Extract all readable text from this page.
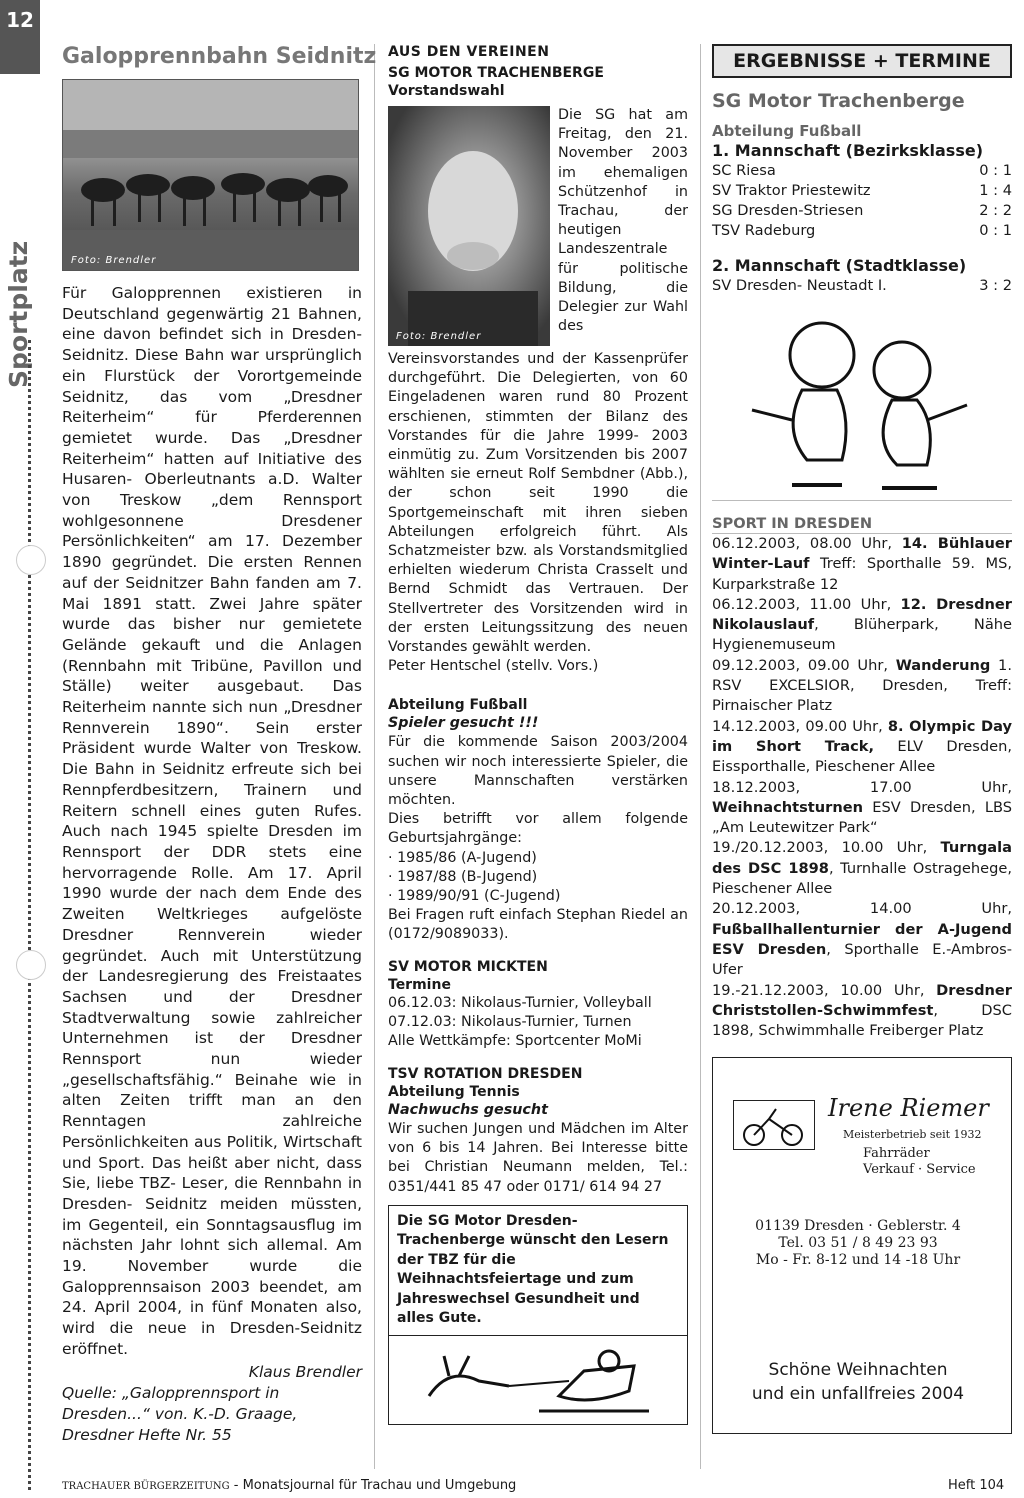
12
Sportplatz
Galopprennbahn Seidnitz
Foto: Brendler
Für Galopprennen existieren in Deutschland gegenwärtig 21 Bahnen, eine davon befindet sich in Dresden- Seidnitz. Diese Bahn war ursprünglich ein Flurstück der Vorortgemeinde Seidnitz, das vom „Dresdner Reiterheim“ für Pferderennen gemietet wurde. Das „Dresdner Reiterheim“ hatten auf Initiative des Husaren- Oberleutnants a.D. Walter von Treskow „dem Rennsport wohlgesonnene Dresdener Persönlichkeiten“ am 17. Dezember 1890 gegründet. Die ersten Rennen auf der Seidnitzer Bahn fanden am 7. Mai 1891 statt. Zwei Jahre später wurde das bisher nur gemietete Gelände gekauft und die Anlagen (Rennbahn mit Tribüne, Pavillon und Ställe) weiter ausgebaut. Das Reiterheim nannte sich nun „Dresdner Rennverein 1890“. Sein erster Präsident wurde Walter von Treskow. Die Bahn in Seidnitz erfreute sich bei Rennpferdbesitzern, Trainern und Reitern schnell eines guten Rufes. Auch nach 1945 spielte Dresden im Rennsport der DDR stets eine hervorragende Rolle. Am 17. April 1990 wurde der nach dem Ende des Zweiten Weltkrieges aufgelöste Dresdner Rennverein wieder gegründet. Auch mit Unterstützung der Landesregierung des Freistaates Sachsen und der Dresdner Stadtverwaltung sowie zahlreicher Unternehmen ist der Dresdner Rennsport nun wieder „gesellschaftsfähig.“ Beinahe wie in alten Zeiten trifft man an den Renntagen zahlreiche Persönlichkeiten aus Politik, Wirtschaft und Sport. Das heißt aber nicht, dass Sie, liebe TBZ- Leser, die Rennbahn in Dresden- Seidnitz meiden müssten, im Gegenteil, ein Sonntagsausflug im nächsten Jahr lohnt sich allemal. Am 19. November wurde die Galopprennsaison 2003 beendet, am 24. April 2004, in fünf Monaten also, wird die neue in Dresden-Seidnitz eröffnet.
Klaus Brendler
Quelle: „Galopprennsport in Dresden...“ von. K.-D. Graage, Dresdner Hefte Nr. 55
AUS DEN VEREINEN
SG MOTOR TRACHENBERGE
Vorstandswahl
Foto: Brendler
Die SG hat am Freitag, den 21. November 2003 im ehemaligen Schützenhof in Trachau, der heutigen Landeszentrale für politische Bildung, die Delegier zur Wahl des Vereinsvorstandes und der Kassenprüfer durchgeführt. Die Delegierten, von 60 Eingeladenen waren rund 80 Prozent erschienen, stimmten der Bilanz des Vorstandes für die Jahre 1999- 2003 einmütig zu. Zum Vorsitzenden bis 2007 wählten sie erneut Rolf Sembdner (Abb.), der schon seit 1990 die Sportgemeinschaft mit ihren sieben Abteilungen erfolgreich führt. Als Schatzmeister bzw. als Vorstandsmitglied erhielten wiederum Christa Crasselt und Bernd Schmidt das Vertrauen. Der Stellvertreter des Vorsitzenden wird in der ersten Leitungssitzung des neuen Vorstandes gewählt werden.
Peter Hentschel (stellv. Vors.)
Abteilung Fußball
Spieler gesucht !!!
Für die kommende Saison 2003/2004 suchen wir noch interessierte Spieler, die unsere Mannschaften verstärken möchten.
Dies betrifft vor allem folgende Geburtsjahrgänge:
· 1985/86 (A-Jugend)
· 1987/88 (B-Jugend)
· 1989/90/91 (C-Jugend)
Bei Fragen ruft einfach Stephan Riedel an (0172/9089033).
SV MOTOR MICKTEN
Termine
06.12.03: Nikolaus-Turnier, Volleyball
07.12.03: Nikolaus-Turnier, Turnen
Alle Wettkämpfe: Sportcenter MoMi
TSV ROTATION DRESDEN
Abteilung Tennis
Nachwuchs gesucht
Wir suchen Jungen und Mädchen im Alter von 6 bis 14 Jahren. Bei Interesse bitte bei Christian Neumann melden, Tel.: 0351/441 85 47 oder 0171/ 614 94 27
Die SG Motor Dresden-Trachenberge wünscht den Lesern der TBZ für die Weihnachtsfeiertage und zum Jahreswechsel Gesundheit und alles Gute.
ERGEBNISSE + TERMINE
SG Motor Trachenberge
Abteilung Fußball
1. Mannschaft (Bezirksklasse)
SC Riesa	0 : 1
SV Traktor Priestewitz	1 : 4
SG Dresden-Striesen	2 : 2
TSV Radeburg	0 : 1
2. Mannschaft (Stadtklasse)
SV Dresden- Neustadt I.	3 : 2
SPORT IN DRESDEN
06.12.2003, 08.00 Uhr, 14. Bühlauer Winter-Lauf Treff: Sporthalle 59. MS, Kurparkstraße 12
06.12.2003, 11.00 Uhr, 12. Dresdner Nikolauslauf, Blüherpark, Nähe Hygienemuseum
09.12.2003, 09.00 Uhr, Wanderung 1. RSV EXCELSIOR, Dresden, Treff: Pirnaischer Platz
14.12.2003, 09.00 Uhr, 8. Olympic Day im Short Track, ELV Dresden, Eissporthalle, Pieschener Allee
18.12.2003, 17.00 Uhr, Weihnachtsturnen ESV Dresden, LBS „Am Leutewitzer Park“
19./20.12.2003, 10.00 Uhr, Turngala des DSC 1898, Turnhalle Ostragehege, Pieschener Allee
20.12.2003, 14.00 Uhr, Fußballhallenturnier der A-Jugend ESV Dresden, Sporthalle E.-Ambros-Ufer
19.-21.12.2003, 10.00 Uhr, Dresdner Christstollen-Schwimmfest, DSC 1898, Schwimmhalle Freiberger Platz
Irene Riemer
Meisterbetrieb seit 1932
Fahrräder
Verkauf · Service
01139 Dresden · Geblerstr. 4
Tel. 03 51 / 8 49 23 93
Mo - Fr. 8-12 und 14 -18 Uhr
Schöne Weihnachten
und ein unfallfreies 2004
TRACHAUER BÜRGERZEITUNG - Monatsjournal für Trachau und Umgebung	Heft 104
